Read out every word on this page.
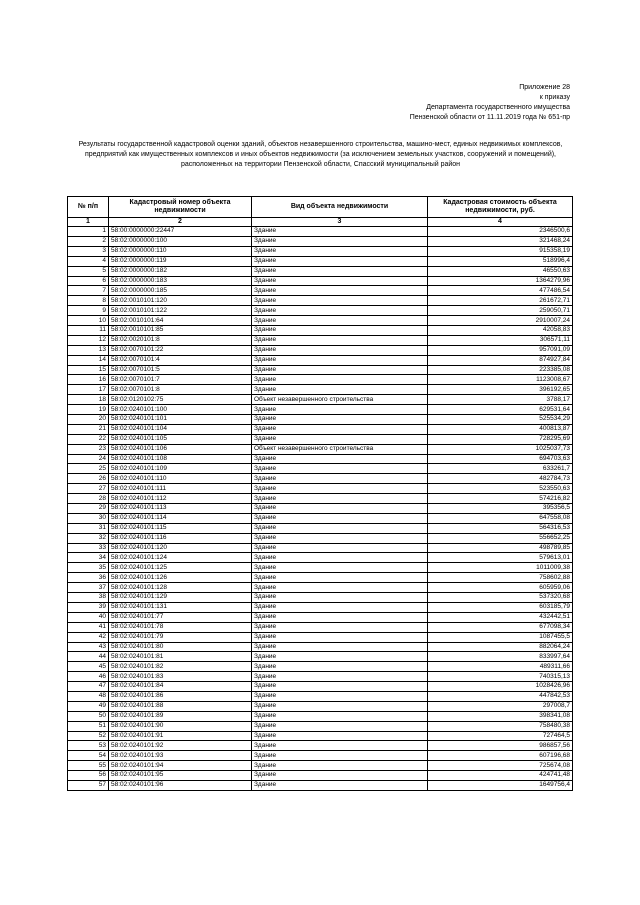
Приложение 28
к приказу
Департамента государственного имущества
Пензенской области от 11.11.2019 года № 651-пр
Результаты государственной кадастровой оценки зданий, объектов незавершенного строительства, машино-мест, единых недвижимых комплексов, предприятий как имущественных комплексов и иных объектов недвижимости (за исключением земельных участков, сооружений и помещений), расположенных на территории Пензенской области, Спасский муниципальный район
№ п/п	Кадастровый номер объекта недвижимости	Вид объекта недвижимости	Кадастровая стоимость объекта недвижимости, руб.
1	2	3	4
1	58:00:0000000:22447	Здание	2346500,6
2	58:02:0000000:100	Здание	321468,24
3	58:02:0000000:110	Здание	915358,19
4	58:02:0000000:119	Здание	518996,4
5	58:02:0000000:182	Здание	46550,63
6	58:02:0000000:183	Здание	1364279,96
7	58:02:0000000:185	Здание	477486,54
8	58:02:0010101:120	Здание	261672,71
9	58:02:0010101:122	Здание	259050,71
10	58:02:0010101:64	Здание	2910007,24
11	58:02:0010101:85	Здание	42058,83
12	58:02:0020101:8	Здание	306571,11
13	58:02:0070101:22	Здание	957091,09
14	58:02:0070101:4	Здание	874927,84
15	58:02:0070101:5	Здание	223385,08
16	58:02:0070101:7	Здание	1123008,67
17	58:02:0070101:8	Здание	396192,65
18	58:02:0120102:75	Объект незавершенного строительства	3788,17
19	58:02:0240101:100	Здание	629531,64
20	58:02:0240101:101	Здание	525534,29
21	58:02:0240101:104	Здание	400813,87
22	58:02:0240101:105	Здание	728295,69
23	58:02:0240101:106	Объект незавершенного строительства	1025037,73
24	58:02:0240101:108	Здание	694703,63
25	58:02:0240101:109	Здание	633261,7
26	58:02:0240101:110	Здание	482784,73
27	58:02:0240101:111	Здание	523550,63
28	58:02:0240101:112	Здание	574216,82
29	58:02:0240101:113	Здание	395356,5
30	58:02:0240101:114	Здание	647558,08
31	58:02:0240101:115	Здание	564316,53
32	58:02:0240101:116	Здание	556652,25
33	58:02:0240101:120	Здание	498789,85
34	58:02:0240101:124	Здание	579613,01
35	58:02:0240101:125	Здание	1011009,38
36	58:02:0240101:126	Здание	758602,88
37	58:02:0240101:128	Здание	605959,06
38	58:02:0240101:129	Здание	537320,68
39	58:02:0240101:131	Здание	603185,79
40	58:02:0240101:77	Здание	432442,51
41	58:02:0240101:78	Здание	677098,34
42	58:02:0240101:79	Здание	1087455,5
43	58:02:0240101:80	Здание	882064,24
44	58:02:0240101:81	Здание	833997,64
45	58:02:0240101:82	Здание	489311,66
46	58:02:0240101:83	Здание	740315,13
47	58:02:0240101:84	Здание	1028426,96
48	58:02:0240101:86	Здание	447842,53
49	58:02:0240101:88	Здание	297008,7
50	58:02:0240101:89	Здание	398341,08
51	58:02:0240101:90	Здание	758480,38
52	58:02:0240101:91	Здание	727464,5
53	58:02:0240101:92	Здание	986857,56
54	58:02:0240101:93	Здание	607196,68
55	58:02:0240101:94	Здание	725674,08
56	58:02:0240101:95	Здание	424741,48
57	58:02:0240101:96	Здание	1649756,4
